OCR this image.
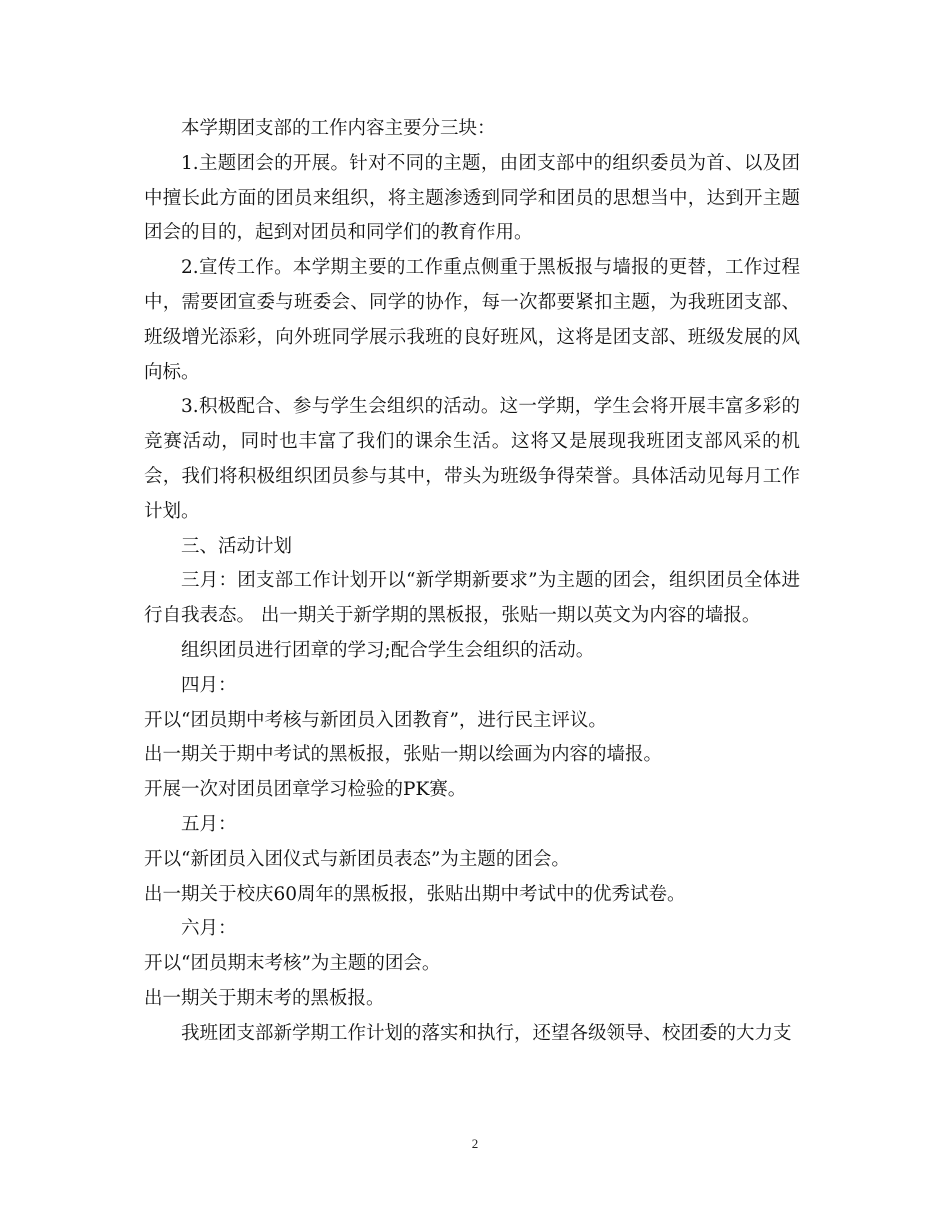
本学期团支部的工作内容主要分三块：

1.主题团会的开展。针对不同的主题，由团支部中的组织委员为首、以及团中擅长此方面的团员来组织，将主题渗透到同学和团员的思想当中，达到开主题团会的目的，起到对团员和同学们的教育作用。

2.宣传工作。本学期主要的工作重点侧重于黑板报与墙报的更替，工作过程中，需要团宣委与班委会、同学的协作，每一次都要紧扣主题，为我班团支部、班级增光添彩，向外班同学展示我班的良好班风，这将是团支部、班级发展的风向标。

3.积极配合、参与学生会组织的活动。这一学期，学生会将开展丰富多彩的竞赛活动，同时也丰富了我们的课余生活。这将又是展现我班团支部风采的机会，我们将积极组织团员参与其中，带头为班级争得荣誉。具体活动见每月工作计划。

三、活动计划

三月：团支部工作计划开以“新学期新要求”为主题的团会，组织团员全体进行自我表态。 出一期关于新学期的黑板报，张贴一期以英文为内容的墙报。

组织团员进行团章的学习;配合学生会组织的活动。

四月：

开以“团员期中考核与新团员入团教育”，进行民主评议。

出一期关于期中考试的黑板报，张贴一期以绘画为内容的墙报。

开展一次对团员团章学习检验的PK赛。

五月：

开以“新团员入团仪式与新团员表态”为主题的团会。

出一期关于校庆60周年的黑板报，张贴出期中考试中的优秀试卷。

六月：

开以“团员期末考核”为主题的团会。

出一期关于期末考的黑板报。

我班团支部新学期工作计划的落实和执行，还望各级领导、校团委的大力支

2
